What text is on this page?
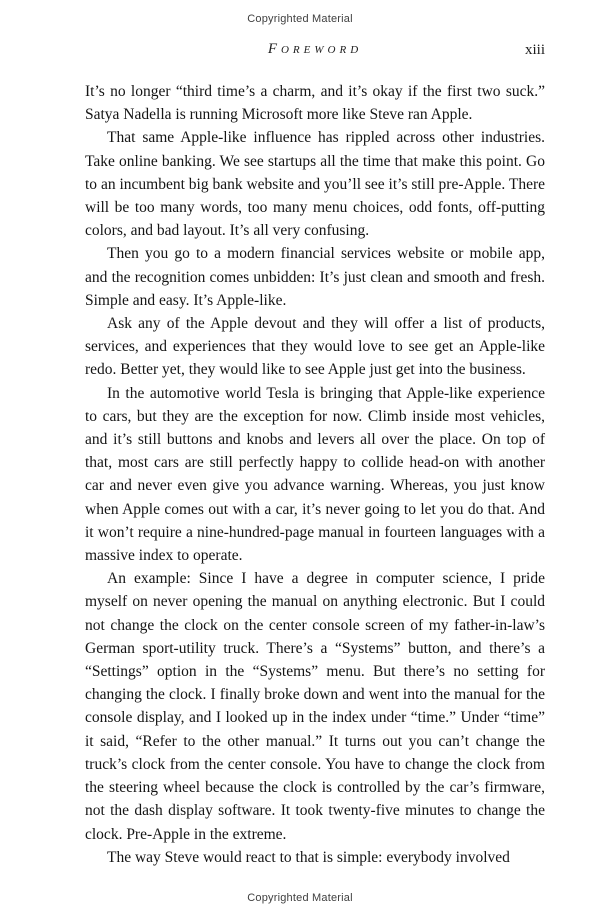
Copyrighted Material
Foreword	xiii

It’s no longer “third time’s a charm, and it’s okay if the first two suck.” Satya Nadella is running Microsoft more like Steve ran Apple.

That same Apple-like influence has rippled across other industries. Take online banking. We see startups all the time that make this point. Go to an incumbent big bank website and you’ll see it’s still pre-Apple. There will be too many words, too many menu choices, odd fonts, off-putting colors, and bad layout. It’s all very confusing.

Then you go to a modern financial services website or mobile app, and the recognition comes unbidden: It’s just clean and smooth and fresh. Simple and easy. It’s Apple-like.

Ask any of the Apple devout and they will offer a list of products, services, and experiences that they would love to see get an Apple-like redo. Better yet, they would like to see Apple just get into the business.

In the automotive world Tesla is bringing that Apple-like experience to cars, but they are the exception for now. Climb inside most vehicles, and it’s still buttons and knobs and levers all over the place. On top of that, most cars are still perfectly happy to collide head-on with another car and never even give you advance warning. Whereas, you just know when Apple comes out with a car, it’s never going to let you do that. And it won’t require a nine-hundred-page manual in fourteen languages with a massive index to operate.

An example: Since I have a degree in computer science, I pride myself on never opening the manual on anything electronic. But I could not change the clock on the center console screen of my father-in-law’s German sport-utility truck. There’s a “Systems” button, and there’s a “Settings” option in the “Systems” menu. But there’s no setting for changing the clock. I finally broke down and went into the manual for the console display, and I looked up in the index under “time.” Under “time” it said, “Refer to the other manual.” It turns out you can’t change the truck’s clock from the center console. You have to change the clock from the steering wheel because the clock is controlled by the car’s firmware, not the dash display software. It took twenty-five minutes to change the clock. Pre-Apple in the extreme.

The way Steve would react to that is simple: everybody involved

Copyrighted Material
